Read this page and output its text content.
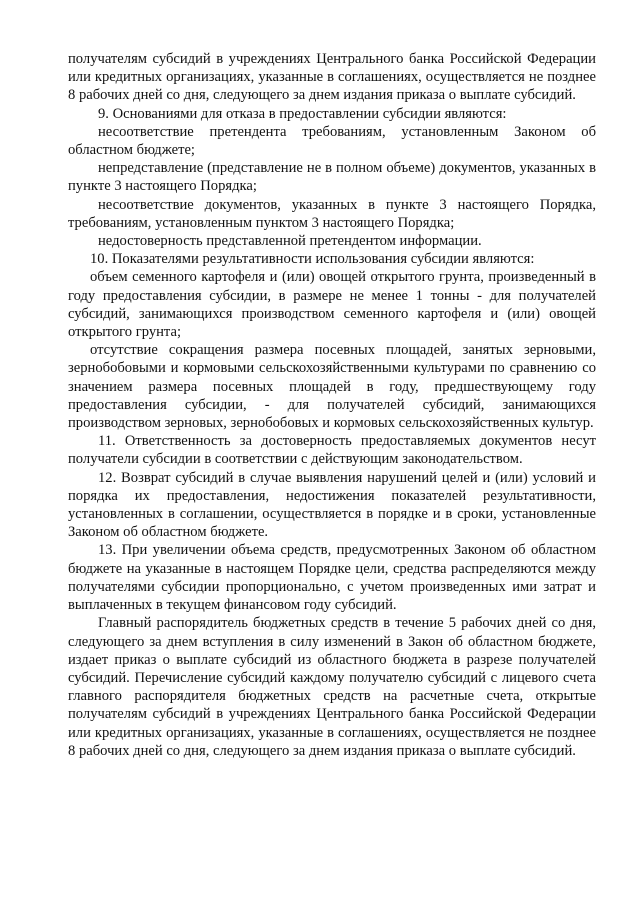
получателям субсидий в учреждениях Центрального банка Российской Федерации или кредитных организациях, указанные в соглашениях, осуществляется не позднее 8 рабочих дней со дня, следующего за днем издания приказа о выплате субсидий.

9. Основаниями для отказа в предоставлении субсидии являются:

несоответствие претендента требованиям, установленным Законом об областном бюджете;

непредставление (представление не в полном объеме) документов, указанных в пункте 3 настоящего Порядка;

несоответствие документов, указанных в пункте 3 настоящего Порядка, требованиям, установленным пунктом 3 настоящего Порядка;

недостоверность представленной претендентом информации.

10. Показателями результативности использования субсидии являются:

объем семенного картофеля и (или) овощей открытого грунта, произведенный в году предоставления субсидии, в размере не менее 1 тонны - для получателей субсидий, занимающихся производством семенного картофеля и (или) овощей открытого грунта;

отсутствие сокращения размера посевных площадей, занятых зерновыми, зернобобовыми и кормовыми сельскохозяйственными культурами по сравнению со значением размера посевных площадей в году, предшествующему году предоставления субсидии, - для получателей субсидий, занимающихся производством зерновых, зернобобовых и кормовых сельскохозяйственных культур.

11. Ответственность за достоверность предоставляемых документов несут получатели субсидии в соответствии с действующим законодательством.

12. Возврат субсидий в случае выявления нарушений целей и (или) условий и порядка их предоставления, недостижения показателей результативности, установленных в соглашении, осуществляется в порядке и в сроки, установленные Законом об областном бюджете.

13. При увеличении объема средств, предусмотренных Законом об областном бюджете на указанные в настоящем Порядке цели, средства распределяются между получателями субсидии пропорционально, с учетом произведенных ими затрат и выплаченных в текущем финансовом году субсидий.

Главный распорядитель бюджетных средств в течение 5 рабочих дней со дня, следующего за днем вступления в силу изменений в Закон об областном бюджете, издает приказ о выплате субсидий из областного бюджета в разрезе получателей субсидий. Перечисление субсидий каждому получателю субсидий с лицевого счета главного распорядителя бюджетных средств на расчетные счета, открытые получателям субсидий в учреждениях Центрального банка Российской Федерации или кредитных организациях, указанные в соглашениях, осуществляется не позднее 8 рабочих дней со дня, следующего за днем издания приказа о выплате субсидий.
